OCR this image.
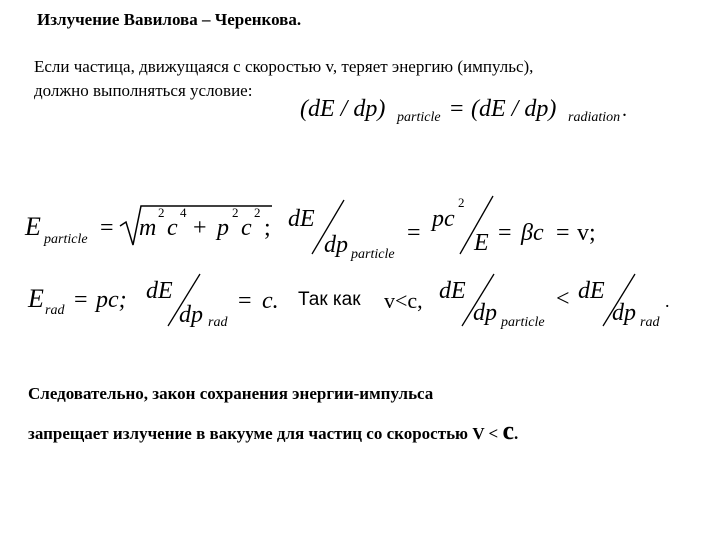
Излучение Вавилова – Черенкова.
Если частица, движущаяся с скоростью v, теряет энергию (импульс),
должно выполняться условие:
(dE / dp) particle = (dE / dp) radiation .
E particle = m
2
c
4
+ p
2
c
2
; dE
dp particle
=
pc
2
E = βc = v;
E rad = pc; dE
dp rad
= c.	v<c, dE
dp particle
< dE
dp rad
.
Так как
Следовательно, закон сохранения энергии-импульса
запрещает излучение в вакууме для частиц со скоростью V < c.
